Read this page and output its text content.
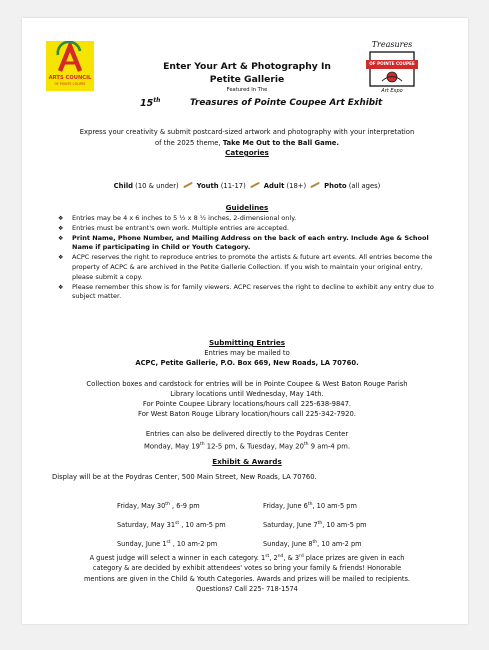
ARTS COUNCIL
OF POINTE COUPEE
Treasures
OF POINTE COUPEE
Art Expo
Enter Your Art & Photography In
Petite Gallerie
Featured In The
15th	Treasures of Pointe Coupee Art Exhibit
Express your creativity & submit postcard-sized artwork and photography with your interpretation
of the 2025 theme, Take Me Out to the Ball Game.
Categories
Child (10 & under)	Youth (11-17)	Adult (18+)	Photo (all ages)
Guidelines
❖	Entries may be 4 x 6 inches to 5 ½ x 8 ½ inches, 2-dimensional only.
❖	Entries must be entrant's own work. Multiple entries are accepted.
❖	Print Name, Phone Number, and Mailing Address on the back of each entry. Include Age & School Name if participating in Child or Youth Category.
❖	ACPC reserves the right to reproduce entries to promote the artists & future art events. All entries become the property of ACPC & are archived in the Petite Gallerie Collection. If you wish to maintain your original entry, please submit a copy.
❖	Please remember this show is for family viewers. ACPC reserves the right to decline to exhibit any entry due to subject matter.
Submitting Entries
Entries may be mailed to
ACPC, Petite Gallerie, P.O. Box 669, New Roads, LA 70760.
Collection boxes and cardstock for entries will be in Pointe Coupee & West Baton Rouge Parish
Library locations until Wednesday, May 14th.
For Pointe Coupee Library locations/hours call 225-638-9847.
For West Baton Rouge Library location/hours call 225-342-7920.
Entries can also be delivered directly to the Poydras Center
Monday, May 19th 12-5 pm, & Tuesday, May 20th 9 am-4 pm.
Exhibit & Awards
Display will be at the Poydras Center, 500 Main Street, New Roads, LA 70760.
Friday, May 30th , 6-9 pm	Friday, June 6th, 10 am-5 pm
Saturday, May 31st , 10 am-5 pm	Saturday, June 7th, 10 am-5 pm
Sunday, June 1st , 10 am-2 pm	Sunday, June 8th, 10 am-2 pm
A guest judge will select a winner in each category. 1st, 2nd, & 3rd place prizes are given in each
category & are decided by exhibit attendees' votes so bring your family & friends! Honorable
mentions are given in the Child & Youth Categories. Awards and prizes will be mailed to recipients.
Questions? Call 225- 718-1574
